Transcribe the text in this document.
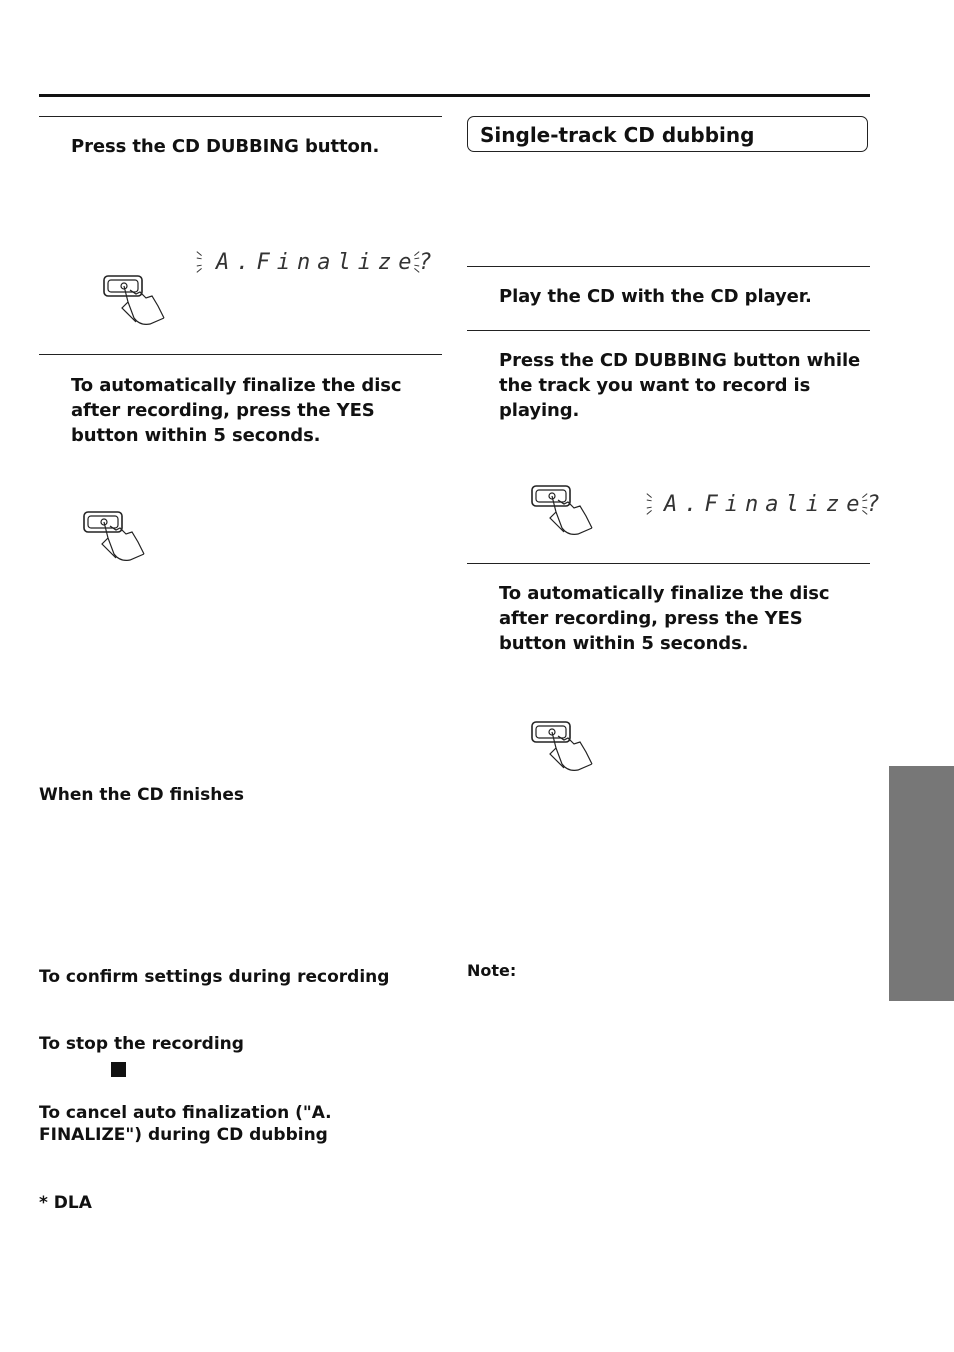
Press the CD DUBBING button.
A.Finalize?
To automatically finalize the disc after recording, press the YES button within 5 seconds.
When the CD finishes
To confirm settings during recording
To stop the recording
To cancel auto finalization ("A. FINALIZE") during CD dubbing
* DLA
Single-track CD dubbing
Play the CD with the CD player.
Press the CD DUBBING button while the track you want to record is playing.
A.Finalize?
To automatically finalize the disc after recording, press the YES button within 5 seconds.
Note:
